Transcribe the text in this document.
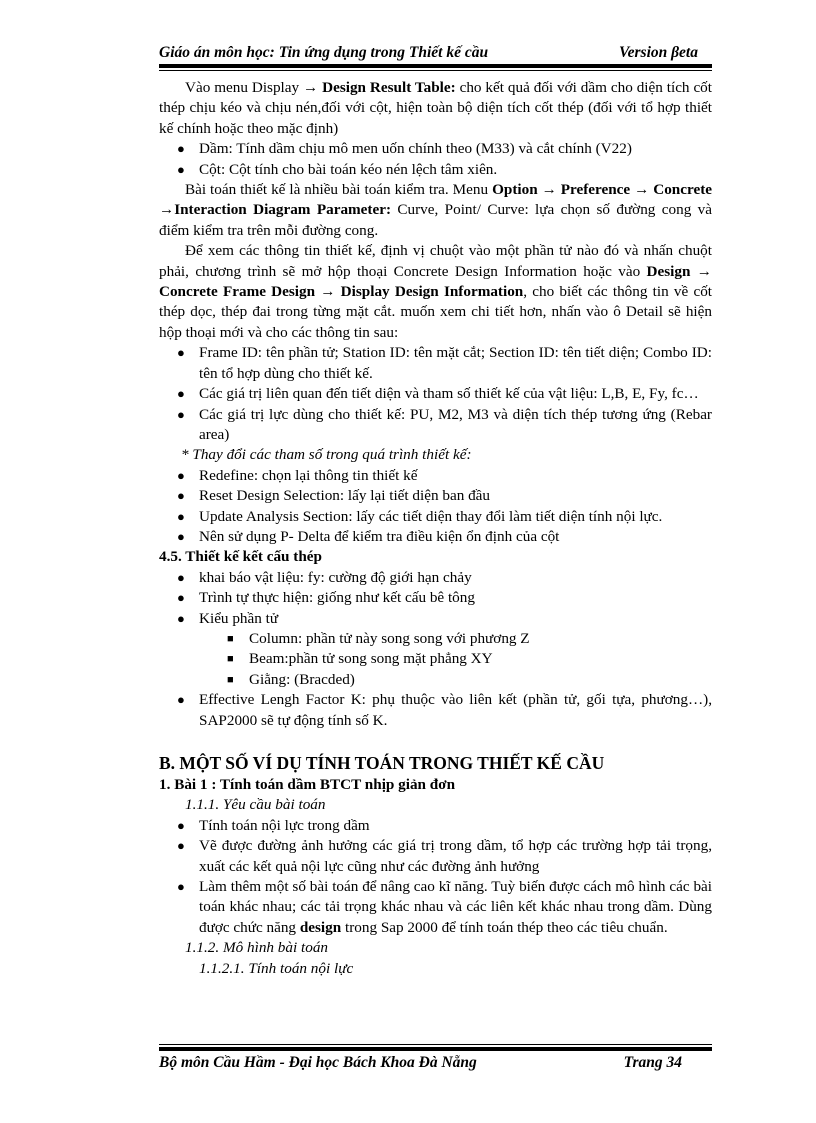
Giáo án môn học: Tin ứng dụng trong Thiết kế cầu	Version βeta

Vào menu Display → Design Result Table: cho kết quả đối với dầm cho diện tích cốt thép chịu kéo và chịu nén,đối với cột, hiện toàn bộ diện tích cốt thép (đối với tổ hợp thiết kế chính hoặc theo mặc định)

● Dầm: Tính dầm chịu mô men uốn chính theo (M33) và cắt chính (V22)

● Cột: Cột tính cho bài toán kéo nén lệch tâm xiên.

Bài toán thiết kế là nhiều bài toán kiểm tra. Menu Option → Preference → Concrete →Interaction Diagram Parameter: Curve, Point/ Curve: lựa chọn số đường cong và điểm kiểm tra trên mỗi đường cong.

Để xem các thông tin thiết kế, định vị chuột vào một phần tử nào đó và nhấn chuột phải, chương trình sẽ mở hộp thoại Concrete Design Information hoặc vào Design → Concrete Frame Design → Display Design Information, cho biết các thông tin về cốt thép dọc, thép đai trong từng mặt cắt. muốn xem chi tiết hơn, nhấn vào ô Detail sẽ hiện hộp thoại mới và cho các thông tin sau:

● Frame ID: tên phần tử; Station ID: tên mặt cắt; Section ID: tên tiết diện; Combo ID: tên tổ hợp dùng cho thiết kế.

● Các giá trị liên quan đến tiết diện và tham số thiết kế của vật liệu: L,B, E, Fy, fc…

● Các giá trị lực dùng cho thiết kế: PU, M2, M3 và diện tích thép tương ứng (Rebar area)

* Thay đổi các tham số trong quá trình thiết kế:

● Redefine: chọn lại thông tin thiết kế

● Reset Design Selection: lấy lại tiết diện ban đầu

● Update Analysis Section: lấy các tiết diện thay đổi làm tiết diện tính nội lực.

● Nên sử dụng P- Delta để kiểm tra điều kiện ổn định của cột

4.5. Thiết kế kết cấu thép

● khai báo vật liệu: fy: cường độ giới hạn chảy

● Trình tự thực hiện: giống như kết cấu bê tông

● Kiểu phần tử

■ Column: phần tử này song song với phương Z

■ Beam:phần tử song song mặt phẳng XY

■ Giằng: (Bracded)

● Effective Lengh Factor K: phụ thuộc vào liên kết (phần tử, gối tựa, phương…), SAP2000 sẽ tự động tính số K.

B. MỘT SỐ VÍ DỤ TÍNH TOÁN TRONG THIẾT KẾ CẦU

1. Bài 1 : Tính toán dầm BTCT nhịp giản đơn

1.1.1. Yêu cầu bài toán

● Tính toán nội lực trong dầm

● Vẽ được đường ảnh hưởng các giá trị trong dầm, tổ hợp các trường hợp tải trọng, xuất các kết quả nội lực cũng như các đường ảnh hưởng

● Làm thêm một số bài toán để nâng cao kĩ năng. Tuỳ biến được cách mô hình các bài toán khác nhau; các tải trọng khác nhau và các liên kết khác nhau trong dầm. Dùng được chức năng design trong Sap 2000 để tính toán thép theo các tiêu chuẩn.

1.1.2. Mô hình bài toán

1.1.2.1. Tính toán nội lực

Bộ môn Cầu Hầm - Đại học Bách Khoa Đà Nẵng	Trang 34
